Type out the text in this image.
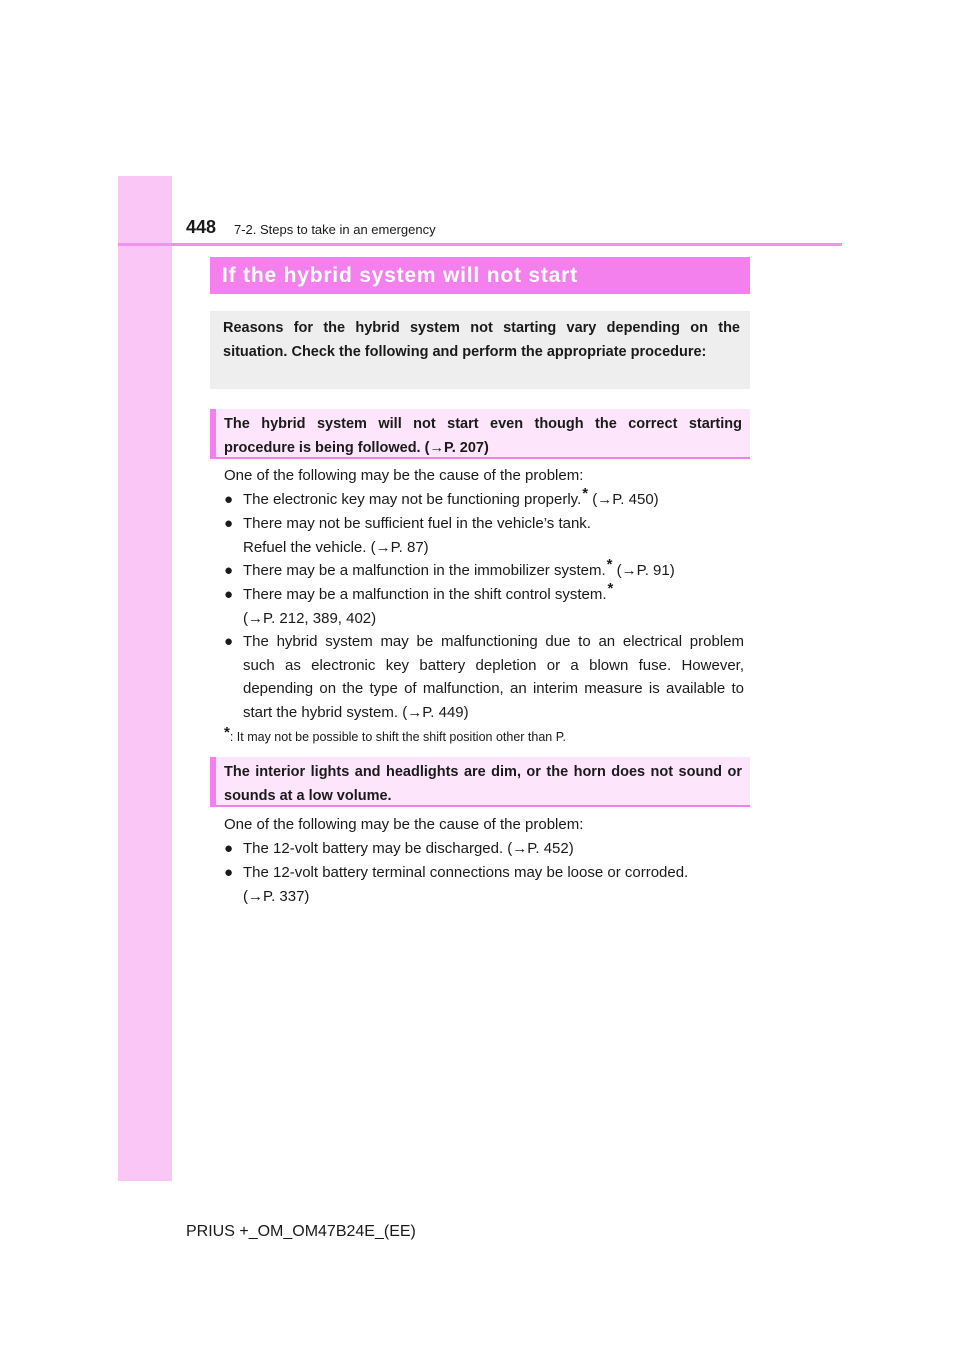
448 7-2. Steps to take in an emergency
If the hybrid system will not start
Reasons for the hybrid system not starting vary depending on the situation. Check the following and perform the appropriate procedure:
The hybrid system will not start even though the correct starting procedure is being followed. (→P. 207)
One of the following may be the cause of the problem:
● The electronic key may not be functioning properly.* (→P. 450)
● There may not be sufficient fuel in the vehicle’s tank.
Refuel the vehicle. (→P. 87)
● There may be a malfunction in the immobilizer system.* (→P. 91)
● There may be a malfunction in the shift control system.*
(→P. 212, 389, 402)
● The hybrid system may be malfunctioning due to an electrical problem such as electronic key battery depletion or a blown fuse. However, depending on the type of malfunction, an interim measure is available to start the hybrid system. (→P. 449)
*: It may not be possible to shift the shift position other than P.
The interior lights and headlights are dim, or the horn does not sound or sounds at a low volume.
One of the following may be the cause of the problem:
● The 12-volt battery may be discharged. (→P. 452)
● The 12-volt battery terminal connections may be loose or corroded.
(→P. 337)
PRIUS +_OM_OM47B24E_(EE)
